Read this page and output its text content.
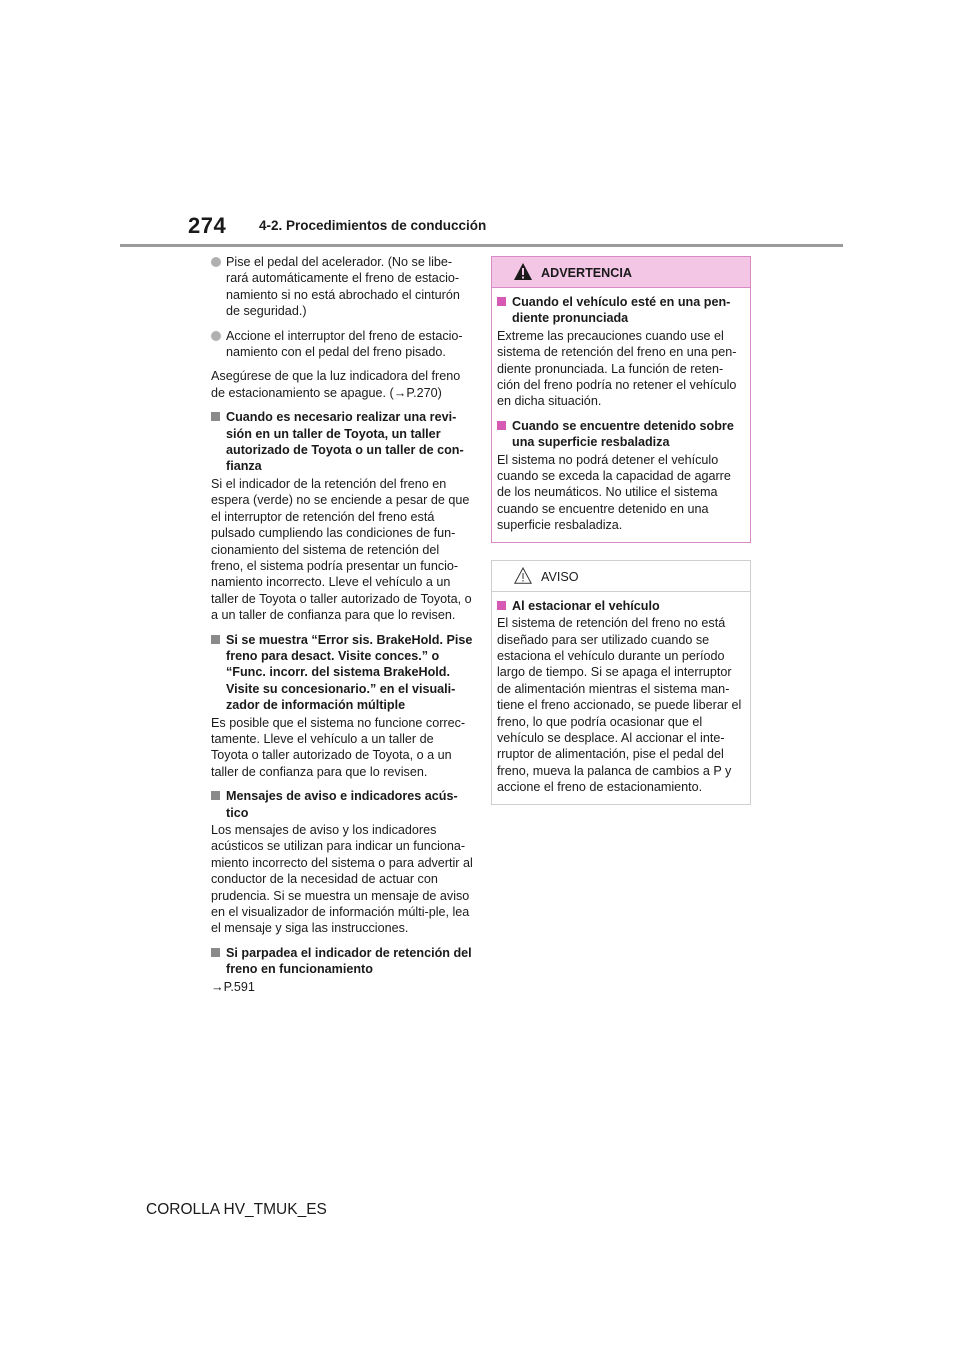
274 4-2. Procedimientos de conducción
Pise el pedal del acelerador. (No se libe-rará automáticamente el freno de estacio-namiento si no está abrochado el cinturón de seguridad.)
Accione el interruptor del freno de estacio-namiento con el pedal del freno pisado.

Asegúrese de que la luz indicadora del freno de estacionamiento se apague. (→P.270)

Cuando es necesario realizar una revi-sión en un taller de Toyota, un taller autorizado de Toyota o un taller de con-fianza

Si el indicador de la retención del freno en espera (verde) no se enciende a pesar de que el interruptor de retención del freno está pulsado cumpliendo las condiciones de fun-cionamiento del sistema de retención del freno, el sistema podría presentar un funcio-namiento incorrecto. Lleve el vehículo a un taller de Toyota o taller autorizado de Toyota, o a un taller de confianza para que lo revisen.

Si se muestra “Error sis. BrakeHold. Pise freno para desact. Visite conces.” o “Func. incorr. del sistema BrakeHold. Visite su concesionario.” en el visuali-zador de información múltiple

Es posible que el sistema no funcione correc-tamente. Lleve el vehículo a un taller de Toyota o taller autorizado de Toyota, o a un taller de confianza para que lo revisen.

Mensajes de aviso e indicadores acús-tico

Los mensajes de aviso y los indicadores acústicos se utilizan para indicar un funciona-miento incorrecto del sistema o para advertir al conductor de la necesidad de actuar con prudencia. Si se muestra un mensaje de aviso en el visualizador de información múlti-ple, lea el mensaje y siga las instrucciones.

Si parpadea el indicador de retención del freno en funcionamiento

→P.591

ADVERTENCIA
Cuando el vehículo esté en una pen-diente pronunciada

Extreme las precauciones cuando use el sistema de retención del freno en una pen-diente pronunciada. La función de reten-ción del freno podría no retener el vehículo en dicha situación.

Cuando se encuentre detenido sobre una superficie resbaladiza

El sistema no podrá detener el vehículo cuando se exceda la capacidad de agarre de los neumáticos. No utilice el sistema cuando se encuentre detenido en una superficie resbaladiza.

AVISO
Al estacionar el vehículo

El sistema de retención del freno no está diseñado para ser utilizado cuando se estaciona el vehículo durante un período largo de tiempo. Si se apaga el interruptor de alimentación mientras el sistema man-tiene el freno accionado, se puede liberar el freno, lo que podría ocasionar que el vehículo se desplace. Al accionar el inte-rruptor de alimentación, pise el pedal del freno, mueva la palanca de cambios a P y accione el freno de estacionamiento.

COROLLA HV_TMUK_ES
